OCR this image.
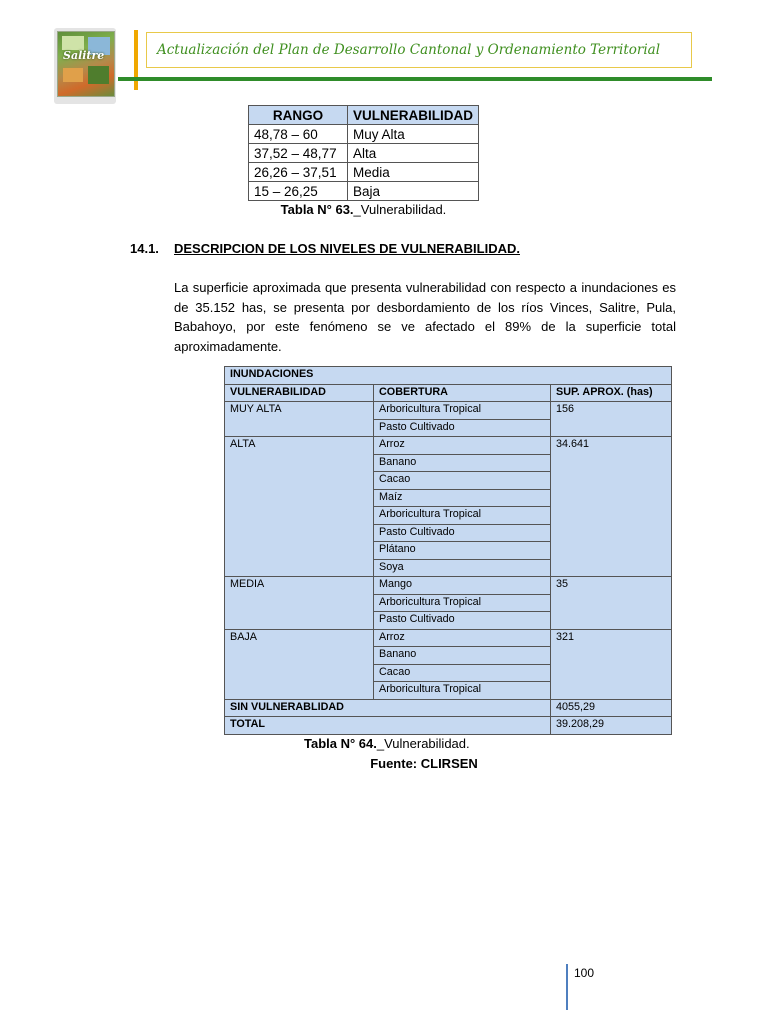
Salitre	Actualización del Plan de Desarrollo Cantonal y Ordenamiento Territorial
RANGO	VULNERABILIDAD
48,78 – 60	Muy Alta
37,52 – 48,77	Alta
26,26 – 37,51	Media
15 – 26,25	Baja
Tabla N° 63._Vulnerabilidad.
14.1. DESCRIPCION DE LOS NIVELES DE VULNERABILIDAD.
La superficie aproximada que presenta vulnerabilidad con respecto a inundaciones es de 35.152 has, se presenta por desbordamiento de los ríos Vinces, Salitre, Pula, Babahoyo, por este fenómeno se ve afectado el 89% de la superficie total aproximadamente.
INUNDACIONES		
VULNERABILIDAD	COBERTURA	SUP. APROX. (has)
MUY ALTA	Arboricultura Tropical	156
	Pasto Cultivado	
ALTA	Arroz	34.641
	Banano	
	Cacao	
	Maíz	
	Arboricultura Tropical	
	Pasto Cultivado	
	Plátano	
	Soya	
MEDIA	Mango	35
	Arboricultura Tropical	
	Pasto Cultivado	
BAJA	Arroz	321
	Banano	
	Cacao	
	Arboricultura Tropical	
SIN VULNERABLIDAD		4055,29
TOTAL		39.208,29
Tabla N° 64._Vulnerabilidad.
Fuente: CLIRSEN
100
